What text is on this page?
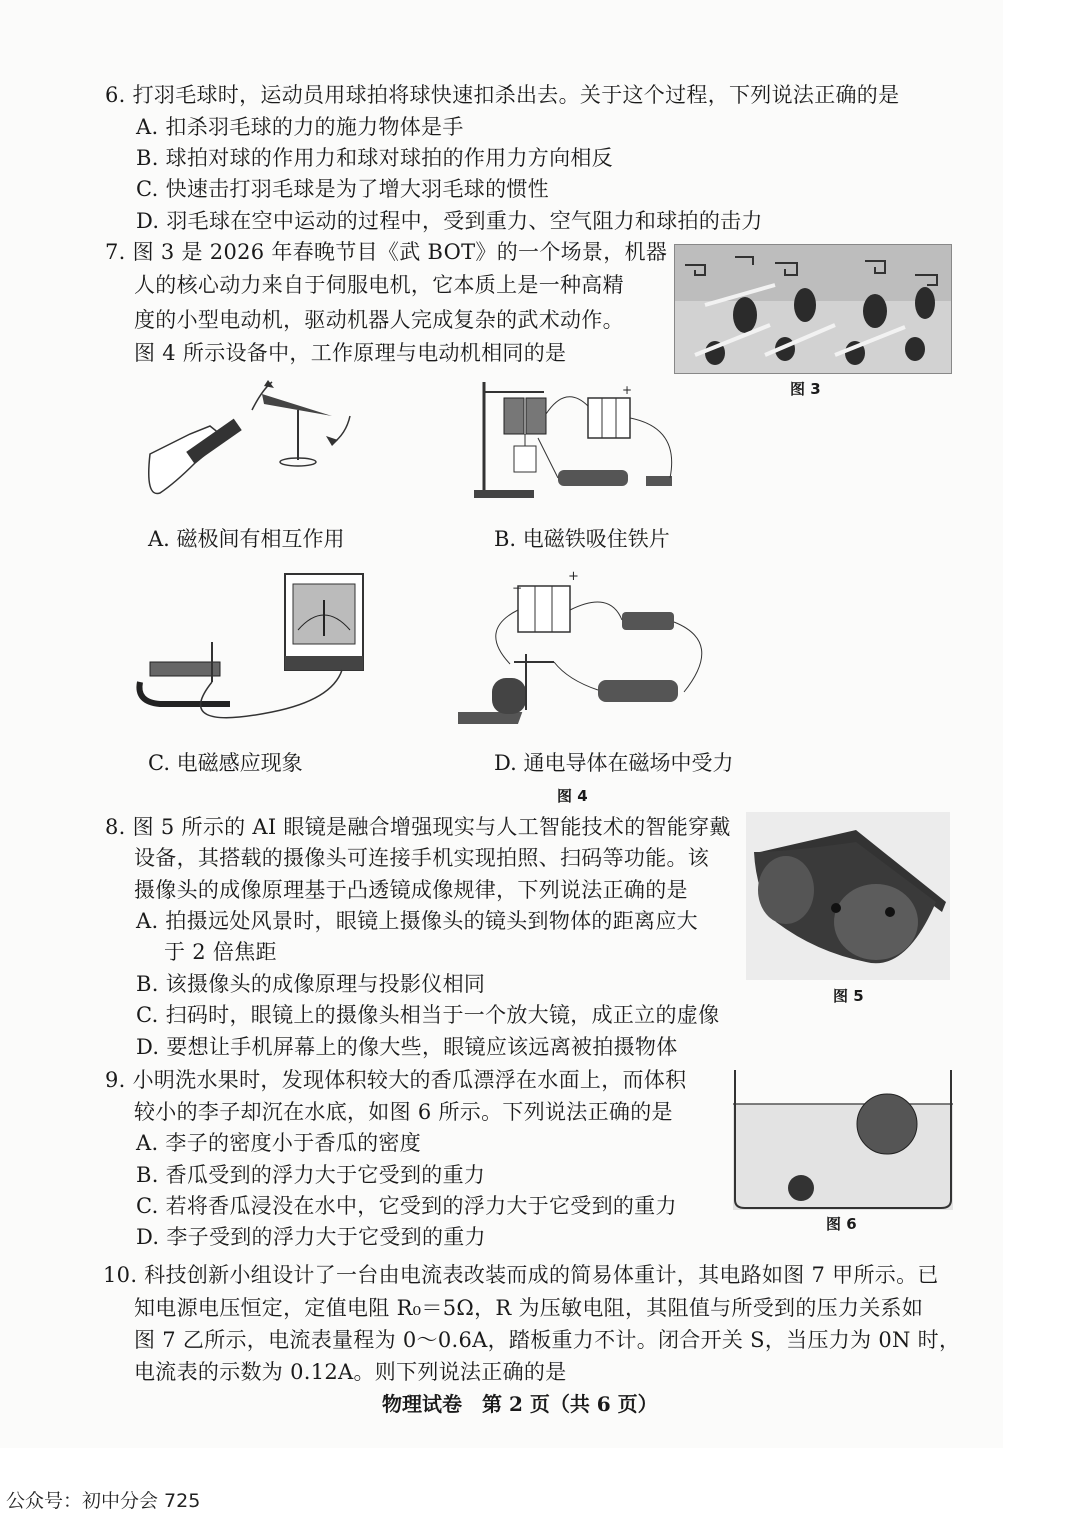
6. 打羽毛球时，运动员用球拍将球快速扣杀出去。关于这个过程，下列说法正确的是
A. 扣杀羽毛球的力的施力物体是手
B. 球拍对球的作用力和球对球拍的作用力方向相反
C. 快速击打羽毛球是为了增大羽毛球的惯性
D. 羽毛球在空中运动的过程中，受到重力、空气阻力和球拍的击力
7. 图 3 是 2026 年春晚节目《武 BOT》的一个场景，机器
人的核心动力来自于伺服电机，它本质上是一种高精
度的小型电动机，驱动机器人完成复杂的武术动作。
图 4 所示设备中，工作原理与电动机相同的是
图 3
A. 磁极间有相互作用
+
B. 电磁铁吸住铁片
C. 电磁感应现象
−
+
D. 通电导体在磁场中受力
图 4
8. 图 5 所示的 AI 眼镜是融合增强现实与人工智能技术的智能穿戴
设备，其搭载的摄像头可连接手机实现拍照、扫码等功能。该
摄像头的成像原理基于凸透镜成像规律，下列说法正确的是
A. 拍摄远处风景时，眼镜上摄像头的镜头到物体的距离应大
于 2 倍焦距
B. 该摄像头的成像原理与投影仪相同
C. 扫码时，眼镜上的摄像头相当于一个放大镜，成正立的虚像
D. 要想让手机屏幕上的像大些，眼镜应该远离被拍摄物体
图 5
9. 小明洗水果时，发现体积较大的香瓜漂浮在水面上，而体积
较小的李子却沉在水底，如图 6 所示。下列说法正确的是
A. 李子的密度小于香瓜的密度
B. 香瓜受到的浮力大于它受到的重力
C. 若将香瓜浸没在水中，它受到的浮力大于它受到的重力
D. 李子受到的浮力大于它受到的重力
图 6
10. 科技创新小组设计了一台由电流表改装而成的简易体重计，其电路如图 7 甲所示。已
知电源电压恒定，定值电阻 R₀＝5Ω，R 为压敏电阻，其阻值与所受到的压力关系如
图 7 乙所示，电流表量程为 0～0.6A，踏板重力不计。闭合开关 S，当压力为 0N 时，
电流表的示数为 0.12A。则下列说法正确的是
物理试卷　第 2 页（共 6 页）
公众号：初中分会 725
